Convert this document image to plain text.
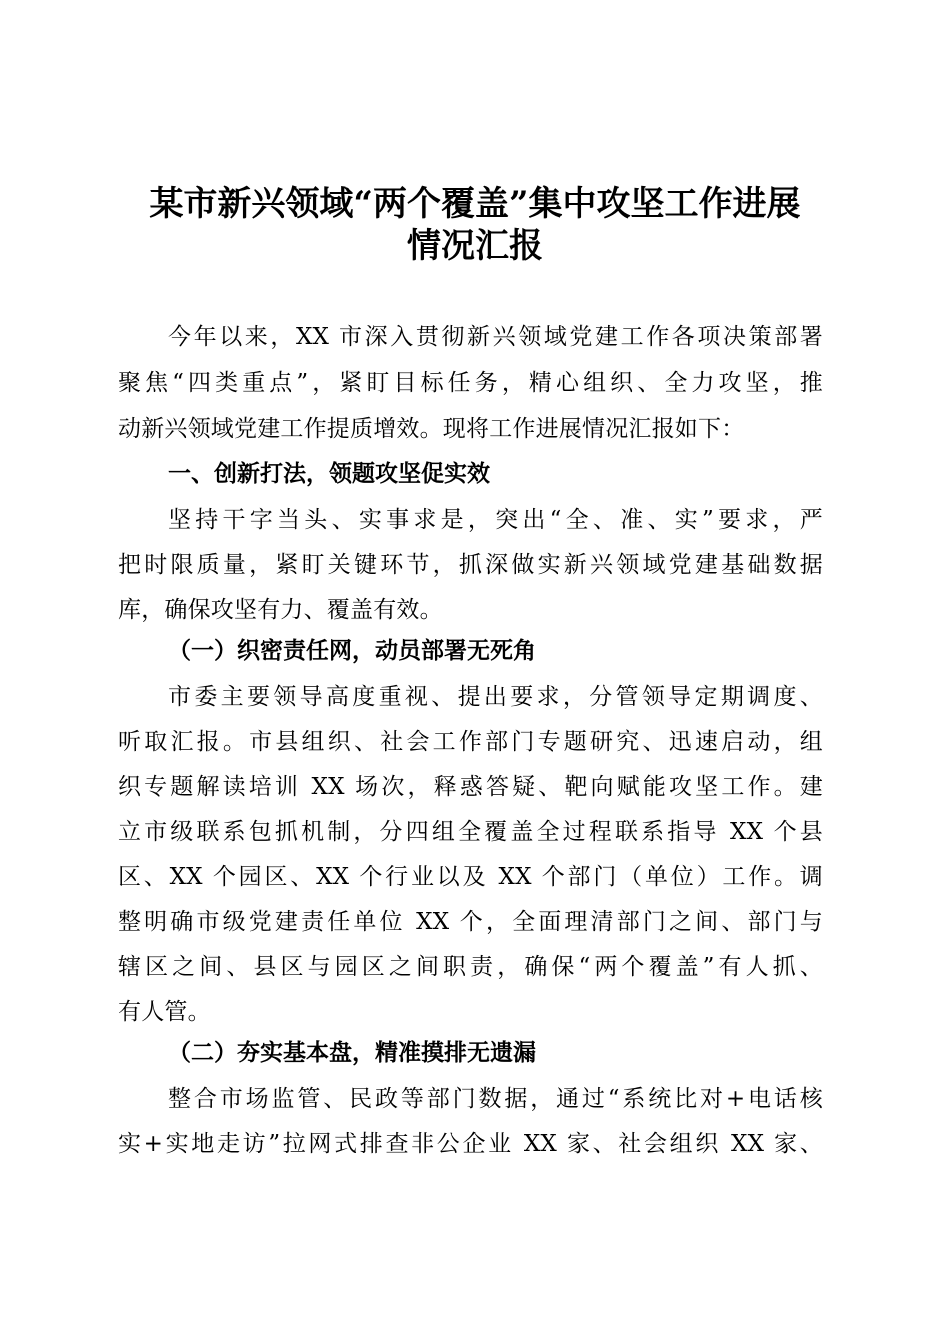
某市新兴领域“两个覆盖”集中攻坚工作进展
情况汇报
今年以来，XX 市深入贯彻新兴领域党建工作各项决策部署
聚焦“四类重点”，紧盯目标任务，精心组织、全力攻坚，推
动新兴领域党建工作提质增效。现将工作进展情况汇报如下：
一、创新打法，领题攻坚促实效
坚持干字当头、实事求是，突出“全、准、实”要求，严
把时限质量，紧盯关键环节，抓深做实新兴领域党建基础数据
库，确保攻坚有力、覆盖有效。
（一）织密责任网，动员部署无死角
市委主要领导高度重视、提出要求，分管领导定期调度、
听取汇报。市县组织、社会工作部门专题研究、迅速启动，组
织专题解读培训 XX 场次，释惑答疑、靶向赋能攻坚工作。建
立市级联系包抓机制，分四组全覆盖全过程联系指导 XX 个县
区、XX 个园区、XX 个行业以及 XX 个部门（单位）工作。调
整明确市级党建责任单位 XX 个，全面理清部门之间、部门与
辖区之间、县区与园区之间职责，确保“两个覆盖”有人抓、
有人管。
（二）夯实基本盘，精准摸排无遗漏
整合市场监管、民政等部门数据，通过“系统比对+电话核
实+实地走访”拉网式排查非公企业 XX 家、社会组织 XX 家、
